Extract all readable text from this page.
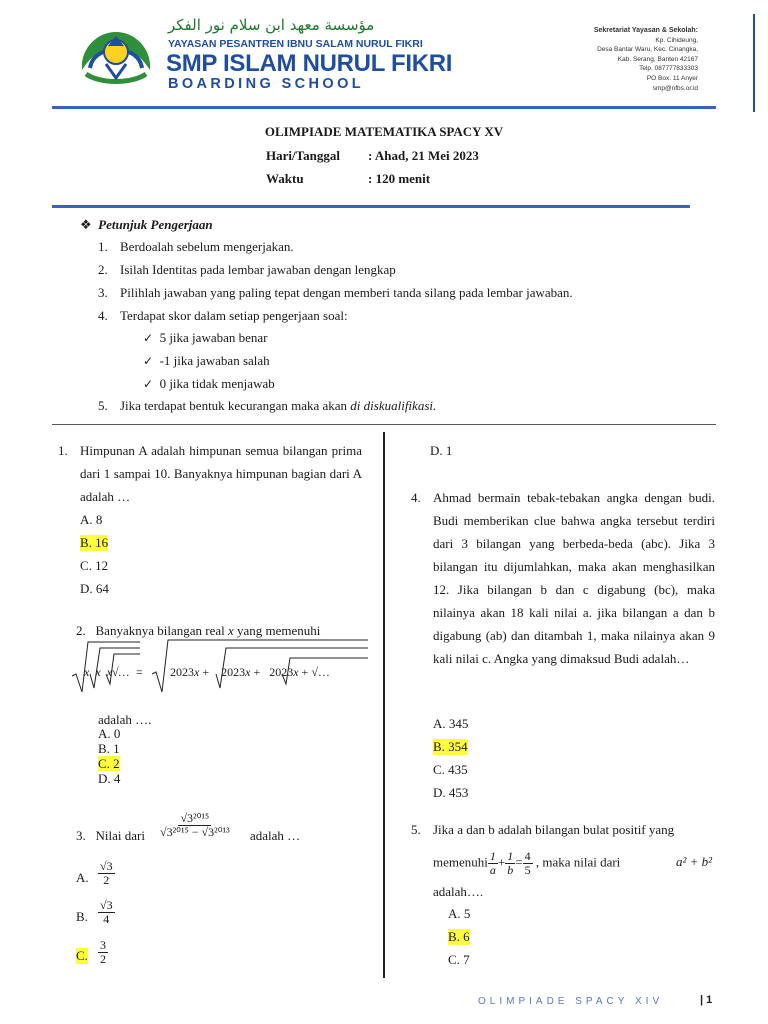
مؤسسة معهد ابن سلام نور الفكر
YAYASAN PESANTREN IBNU SALAM NURUL FIKRI
SMP ISLAM NURUL FIKRI
BOARDING SCHOOL
Sekretariat Yayasan & Sekolah:
Kp. Cihideung,
Desa Bantar Waru, Kec. Cinangka,
Kab. Serang, Banten 42167
Telp. 087777833303
PO Box. 11 Anyer
smp@nfbs.or.id
OLIMPIADE MATEMATIKA SPACY XV
Hari/Tanggal : Ahad, 21 Mei 2023
Waktu	: 120 menit
❖ Petunjuk Pengerjaan
1. Berdoalah sebelum mengerjakan.
2. Isilah Identitas pada lembar jawaban dengan lengkap
3. Pilihlah jawaban yang paling tepat dengan memberi tanda silang pada lembar jawaban.
4. Terdapat skor dalam setiap pengerjaan soal:
✓ 5 jika jawaban benar
✓ -1 jika jawaban salah
✓ 0 jika tidak menjawab
5. Jika terdapat bentuk kecurangan maka akan di diskualifikasi.
1. Himpunan A adalah himpunan semua bilangan prima dari 1 sampai 10. Banyaknya himpunan bagian dari A adalah …
A. 8
B. 16
C. 12
D. 64
2.   Banyaknya bilangan real x yang memenuhi
x  x  x√…  = 2023x +    2023x +   2023x + √…
adalah ….
A. 0
B. 1
C. 2
D. 4
3.   Nilai dari $\frac{\text{√3²⁰¹⁵}}{\text{√3²⁰¹⁵ − √3²⁰¹³}}$ adalah …
A. $\frac{√3}{2}$
B. $\frac{√3}{4}$
C. $\frac{3}{2}$
D. 1
4. Ahmad bermain tebak-tebakan angka dengan budi. Budi memberikan clue bahwa angka tersebut terdiri dari 3 bilangan yang berbeda-beda (abc). Jika 3 bilangan itu dijumlahkan, maka akan menghasilkan 12. Jika bilangan b dan c digabung (bc), maka nilainya akan 18 kali nilai a. jika bilangan a dan b digabung (ab) dan ditambah 1, maka nilainya akan 9 kali nilai c. Angka yang dimaksud Budi adalah…
A. 345
B. 354
C. 435
D. 453
5. Jika a dan b adalah bilangan bulat positif yang
memenuhi $\frac{1}{a} + \frac{1}{b} = \frac{4}{5}$ , maka nilai dari	a² + b²
adalah….
A. 5
B. 6
C. 7
OLIMPIADE SPACY XIV	| 1
